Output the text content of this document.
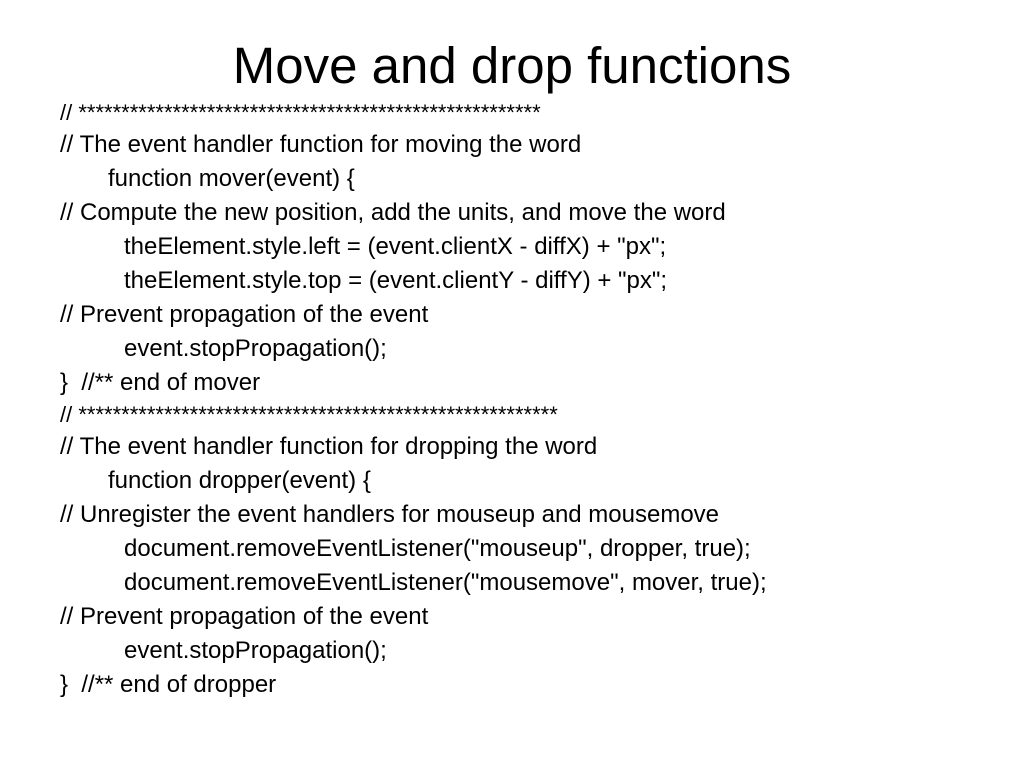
Move and drop functions
// ******************************************************
// The event handler function for moving the word
function mover(event) {
// Compute the new position, add the units, and move the word
theElement.style.left = (event.clientX - diffX) + "px";
theElement.style.top = (event.clientY - diffY) + "px";
// Prevent propagation of the event
event.stopPropagation();
}  //** end of mover
// ********************************************************
// The event handler function for dropping the word
function dropper(event) {
// Unregister the event handlers for mouseup and mousemove
document.removeEventListener("mouseup", dropper, true);
document.removeEventListener("mousemove", mover, true);
// Prevent propagation of the event
event.stopPropagation();
}  //** end of dropper
